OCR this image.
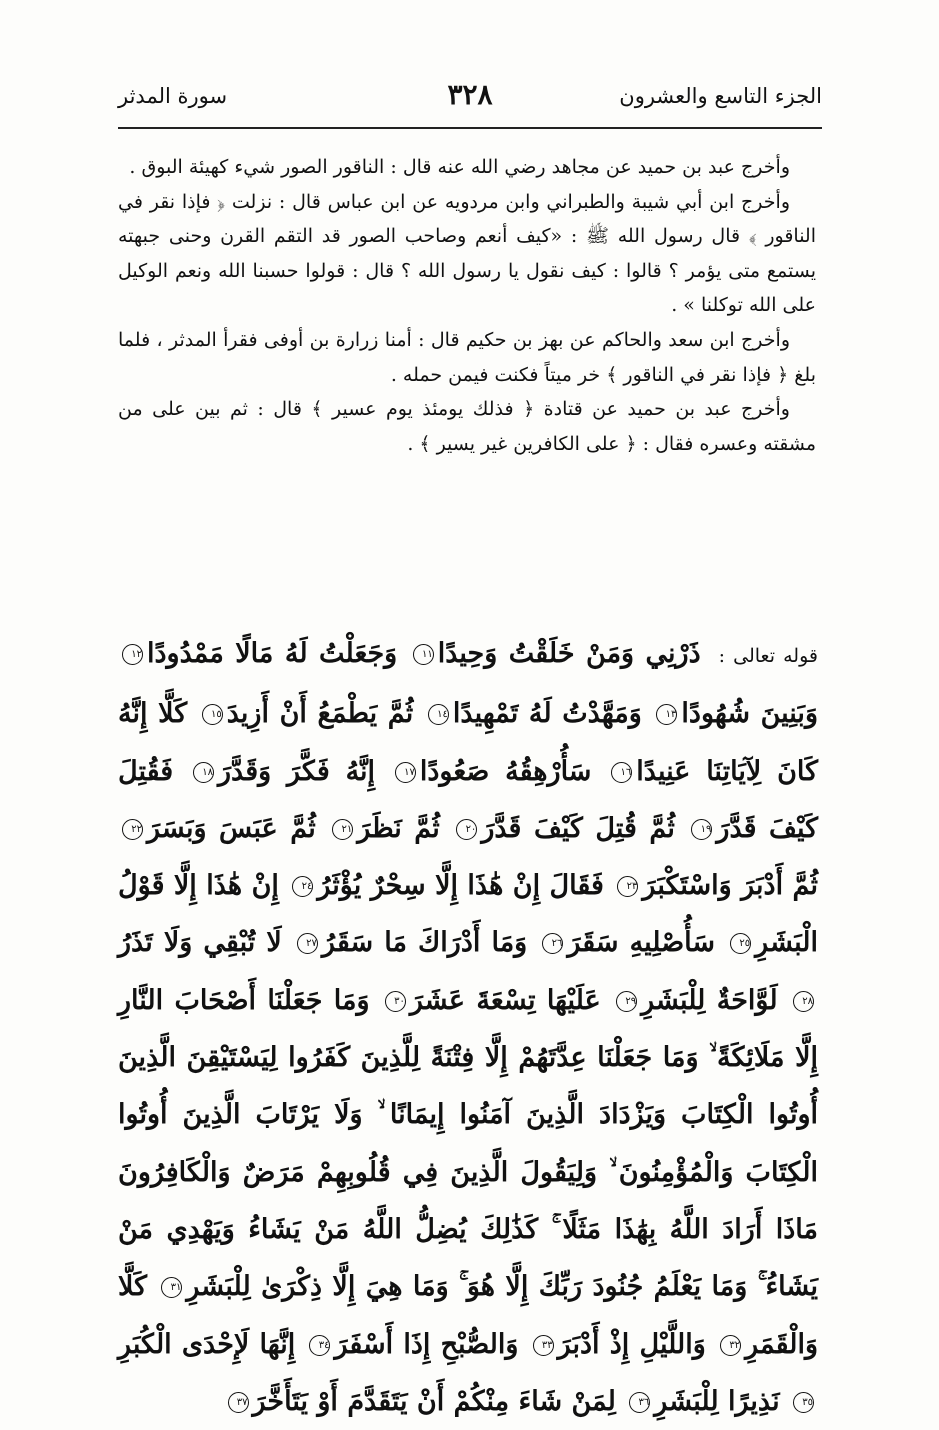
الجزء التاسع والعشرون
٣٢٨
سورة المدثر

وأخرج عبد بن حميد عن مجاهد رضي الله عنه قال : الناقور الصور شيء كهيئة البوق .

وأخرج ابن أبي شيبة والطبراني وابن مردويه عن ابن عباس قال : نزلت ﴿ فإذا نقر في الناقور ﴾ قال رسول الله ﷺ : «كيف أنعم وصاحب الصور قد التقم القرن وحنى جبهته يستمع متى يؤمر ؟ قالوا : كيف نقول يا رسول الله ؟ قال : قولوا حسبنا الله ونعم الوكيل على الله توكلنا » .

وأخرج ابن سعد والحاكم عن بهز بن حكيم قال : أمنا زرارة بن أوفى فقرأ المدثر ، فلما بلغ ﴿ فإذا نقر في الناقور ﴾ خر ميتاً فكنت فيمن حمله .

وأخرج عبد بن حميد عن قتادة ﴿ فذلك يومئذ يوم عسير ﴾ قال : ثم بين على من مشقته وعسره فقال : ﴿ على الكافرين غير يسير ﴾ .

قوله تعالى :ذَرْنِي وَمَنْ خَلَقْتُ وَحِيدًا١١ وَجَعَلْتُ لَهُ مَالًا مَمْدُودًا١٢ وَبَنِينَ شُهُودًا١٣ وَمَهَّدْتُ لَهُ تَمْهِيدًا١٤ ثُمَّ يَطْمَعُ أَنْ أَزِيدَ١٥ كَلَّا إِنَّهُ كَانَ لِآيَاتِنَا عَنِيدًا١٦ سَأُرْهِقُهُ صَعُودًا١٧ إِنَّهُ فَكَّرَ وَقَدَّرَ١٨ فَقُتِلَ كَيْفَ قَدَّرَ١٩ ثُمَّ قُتِلَ كَيْفَ قَدَّرَ٢٠ ثُمَّ نَظَرَ٢١ ثُمَّ عَبَسَ وَبَسَرَ٢٢ ثُمَّ أَدْبَرَ وَاسْتَكْبَرَ٢٣ فَقَالَ إِنْ هَٰذَا إِلَّا سِحْرٌ يُؤْثَرُ٢٤ إِنْ هَٰذَا إِلَّا قَوْلُ الْبَشَرِ٢٥ سَأُصْلِيهِ سَقَرَ٢٦ وَمَا أَدْرَاكَ مَا سَقَرُ٢٧ لَا تُبْقِي وَلَا تَذَرُ٢٨ لَوَّاحَةٌ لِلْبَشَرِ٢٩ عَلَيْهَا تِسْعَةَ عَشَرَ٣٠ وَمَا جَعَلْنَا أَصْحَابَ النَّارِ إِلَّا مَلَائِكَةً ۙ وَمَا جَعَلْنَا عِدَّتَهُمْ إِلَّا فِتْنَةً لِلَّذِينَ كَفَرُوا لِيَسْتَيْقِنَ الَّذِينَ أُوتُوا الْكِتَابَ وَيَزْدَادَ الَّذِينَ آمَنُوا إِيمَانًا ۙ وَلَا يَرْتَابَ الَّذِينَ أُوتُوا الْكِتَابَ وَالْمُؤْمِنُونَ ۙ وَلِيَقُولَ الَّذِينَ فِي قُلُوبِهِمْ مَرَضٌ وَالْكَافِرُونَ مَاذَا أَرَادَ اللَّهُ بِهَٰذَا مَثَلًا ۚ كَذَٰلِكَ يُضِلُّ اللَّهُ مَنْ يَشَاءُ وَيَهْدِي مَنْ يَشَاءُ ۚ وَمَا يَعْلَمُ جُنُودَ رَبِّكَ إِلَّا هُوَ ۚ وَمَا هِيَ إِلَّا ذِكْرَىٰ لِلْبَشَرِ٣١ كَلَّا وَالْقَمَرِ٣٢ وَاللَّيْلِ إِذْ أَدْبَرَ٣٣ وَالصُّبْحِ إِذَا أَسْفَرَ٣٤ إِنَّهَا لَإِحْدَى الْكُبَرِ٣٥ نَذِيرًا لِلْبَشَرِ٣٦ لِمَنْ شَاءَ مِنْكُمْ أَنْ يَتَقَدَّمَ أَوْ يَتَأَخَّرَ٣٧
